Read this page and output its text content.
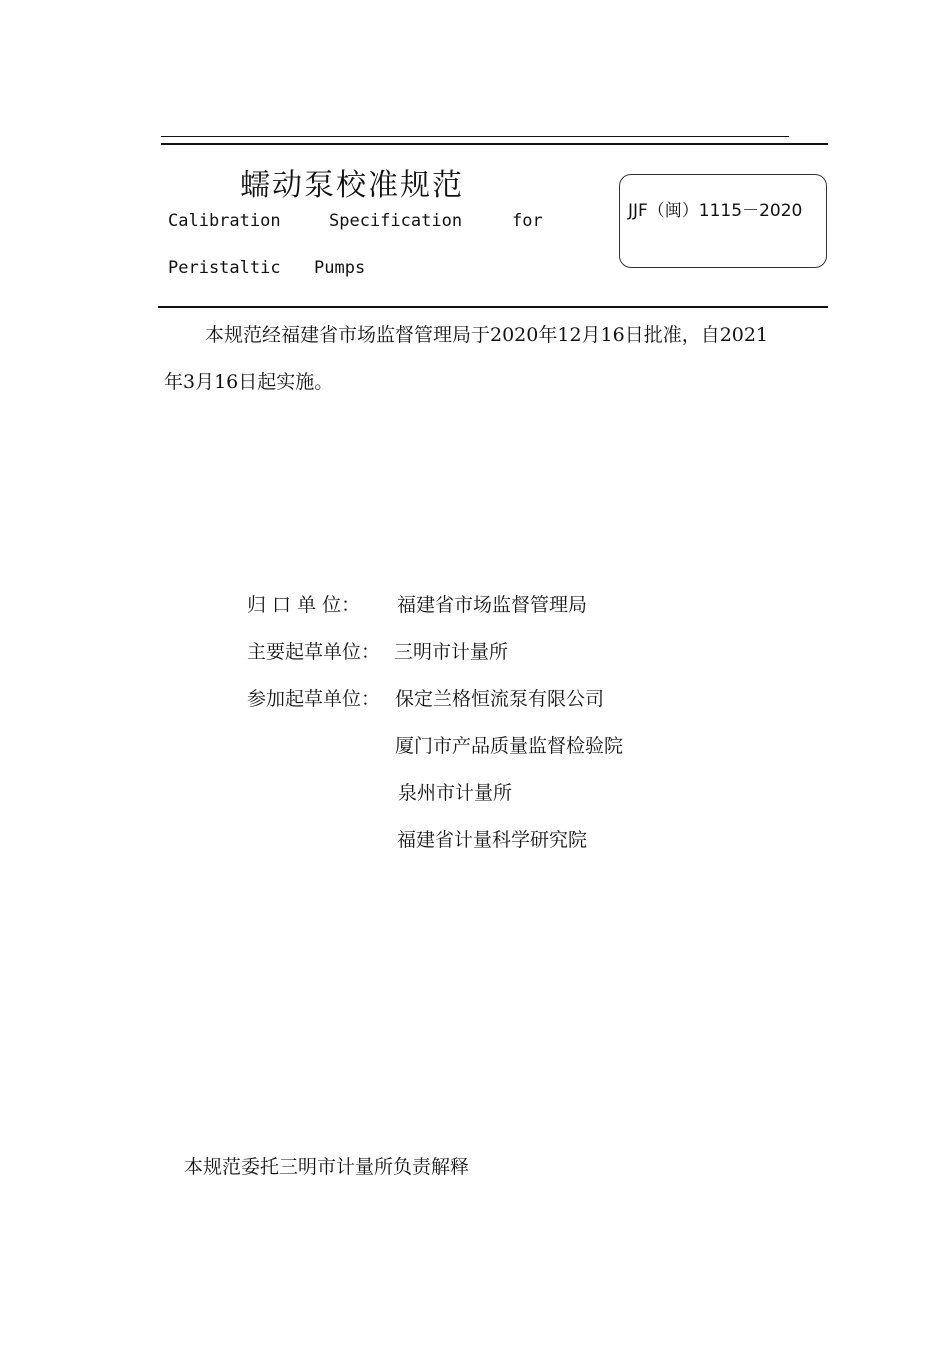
蠕动泵校准规范
Calibration	Specification	for
Peristaltic Pumps
JJF（闽）1115－2020
本规范经福建省市场监督管理局于2020年12月16日批准，自2021
年3月16日起实施。
归 口 单 位： 福建省市场监督管理局
主要起草单位： 三明市计量所
参加起草单位： 保定兰格恒流泵有限公司
厦门市产品质量监督检验院
泉州市计量所
福建省计量科学研究院
本规范委托三明市计量所负责解释
